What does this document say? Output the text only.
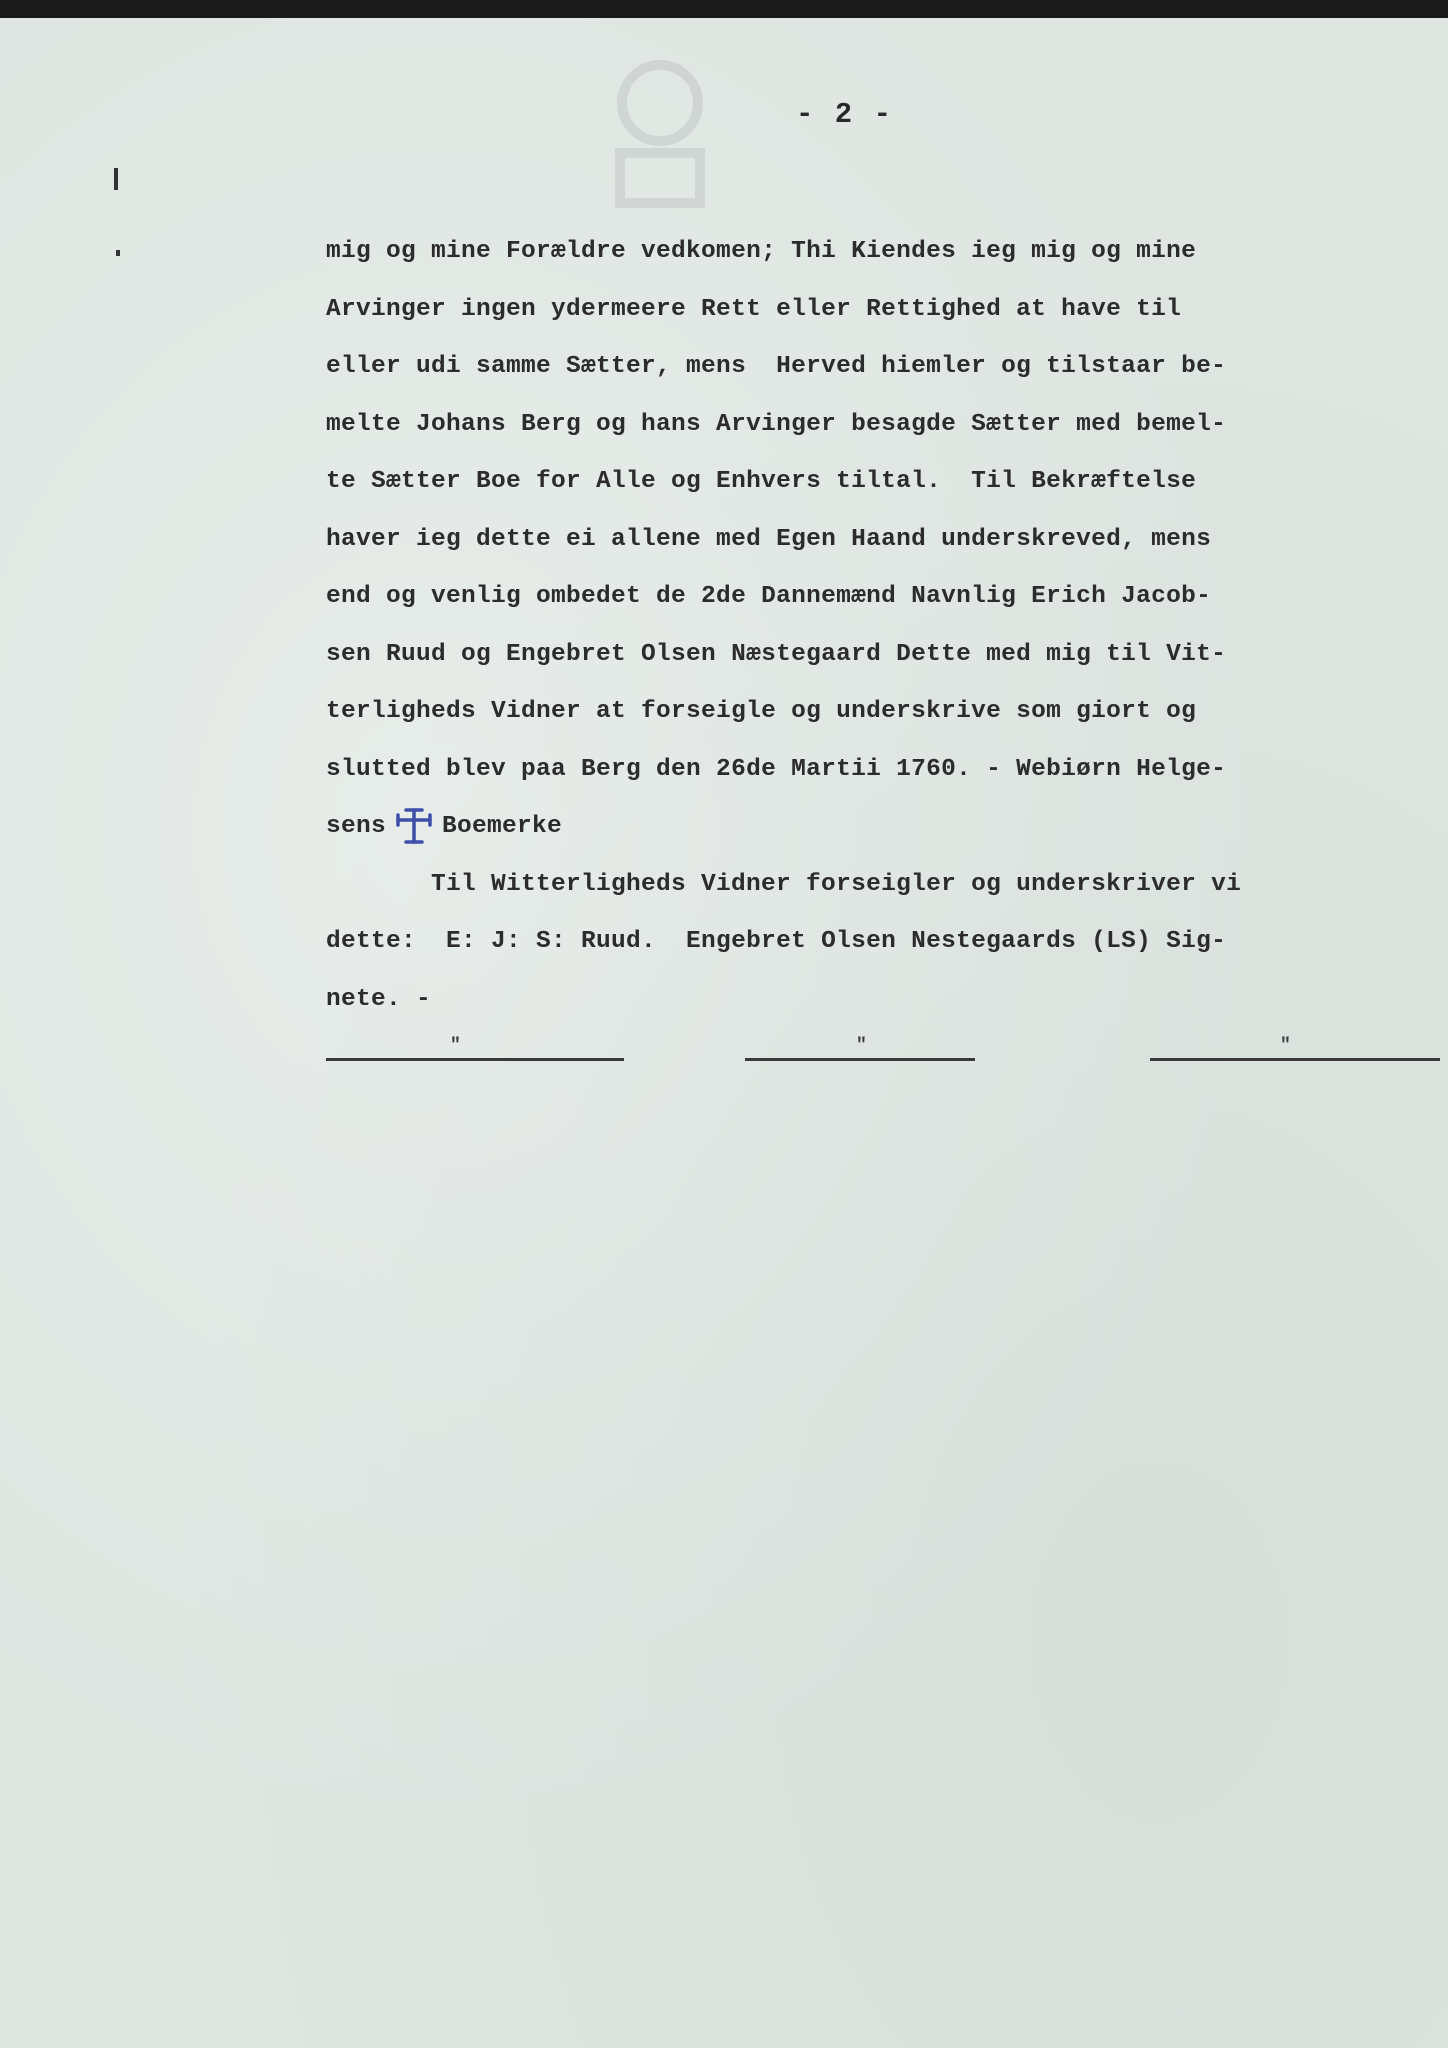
- 2 -
mig og mine Forældre vedkomen; Thi Kiendes ieg mig og mine
Arvinger ingen ydermeere Rett eller Rettighed at have til
eller udi samme Sætter, mens  Herved hiemler og tilstaar be-
melte Johans Berg og hans Arvinger besagde Sætter med bemel-
te Sætter Boe for Alle og Enhvers tiltal.  Til Bekræftelse
haver ieg dette ei allene med Egen Haand underskreved, mens
end og venlig ombedet de 2de Dannemænd Navnlig Erich Jacob-
sen Ruud og Engebret Olsen Næstegaard Dette med mig til Vit-
terligheds Vidner at forseigle og underskrive som giort og
slutted blev paa Berg den 26de Martii 1760. - Webiørn Helge-
sens Boemerke
Til Witterligheds Vidner forseigler og underskriver vi
dette:  E: J: S: Ruud.  Engebret Olsen Nestegaards (LS) Sig-
nete. -
"	"	"
